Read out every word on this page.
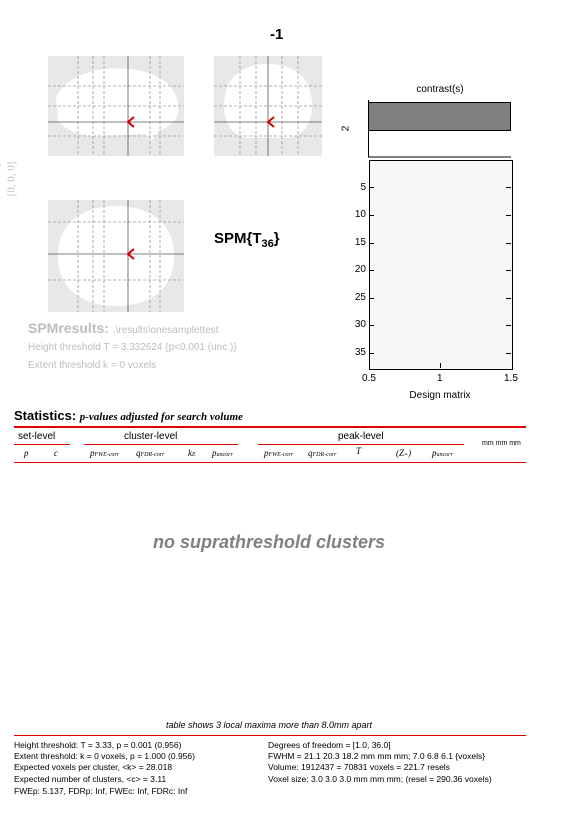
-1
[0, 0, 0]
$SPM\{T_{36}\}$
contrast(s)
2
5
10
15
20
25
30
35
0.5	1	1.5
Design matrix
SPMresults: .\results\onesamplettest
Height threshold T = 3.332624 {p<0.001 (unc.)}
Extent threshold k = 0 voxels
Statistics: p-values adjusted for search volume
set-level	cluster-level	peak-level
mm mm mm
p	c	pFWE-corr qFDR-corr	kE puncorr	pFWE-corr qFDR-corr T	(Z≡) puncorr
no suprathreshold clusters
table shows 3 local maxima more than 8.0mm apart
Height threshold: T = 3.33, p = 0.001 (0.956)
Extent threshold: k = 0 voxels, p = 1.000 (0.956)
Expected voxels per cluster, <k> = 28.018
Expected number of clusters, <c> = 3.11
FWEp: 5.137, FDRp: Inf, FWEc: Inf, FDRc: Inf
Degrees of freedom = [1.0, 36.0]
FWHM = 21.1 20.3 18.2 mm mm mm; 7.0 6.8 6.1 {voxels}
Volume: 1912437 = 70831 voxels = 221.7 resels
Voxel size: 3.0 3.0 3.0 mm mm mm; (resel = 290.36 voxels)
